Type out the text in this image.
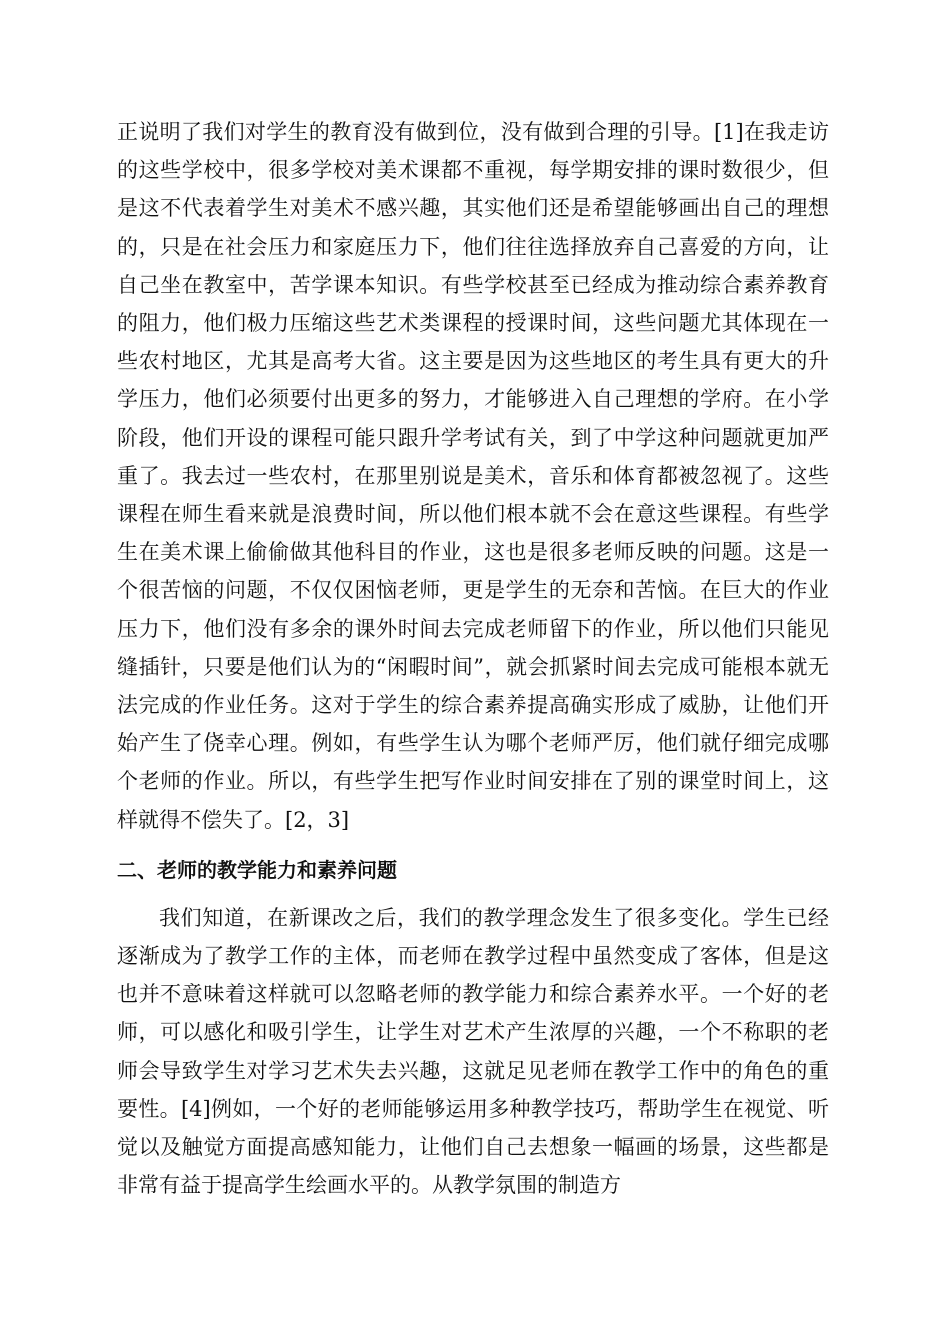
正说明了我们对学生的教育没有做到位，没有做到合理的引导。[1]在我走访的这些学校中，很多学校对美术课都不重视，每学期安排的课时数很少，但是这不代表着学生对美术不感兴趣，其实他们还是希望能够画出自己的理想的，只是在社会压力和家庭压力下，他们往往选择放弃自己喜爱的方向，让自己坐在教室中，苦学课本知识。有些学校甚至已经成为推动综合素养教育的阻力，他们极力压缩这些艺术类课程的授课时间，这些问题尤其体现在一些农村地区，尤其是高考大省。这主要是因为这些地区的考生具有更大的升学压力，他们必须要付出更多的努力，才能够进入自己理想的学府。在小学阶段，他们开设的课程可能只跟升学考试有关，到了中学这种问题就更加严重了。我去过一些农村，在那里别说是美术，音乐和体育都被忽视了。这些课程在师生看来就是浪费时间，所以他们根本就不会在意这些课程。有些学生在美术课上偷偷做其他科目的作业，这也是很多老师反映的问题。这是一个很苦恼的问题，不仅仅困恼老师，更是学生的无奈和苦恼。在巨大的作业压力下，他们没有多余的课外时间去完成老师留下的作业，所以他们只能见缝插针，只要是他们认为的“闲暇时间”，就会抓紧时间去完成可能根本就无法完成的作业任务。这对于学生的综合素养提高确实形成了威胁，让他们开始产生了侥幸心理。例如，有些学生认为哪个老师严厉，他们就仔细完成哪个老师的作业。所以，有些学生把写作业时间安排在了别的课堂时间上，这样就得不偿失了。[2，3]

二、老师的教学能力和素养问题

我们知道，在新课改之后，我们的教学理念发生了很多变化。学生已经逐渐成为了教学工作的主体，而老师在教学过程中虽然变成了客体，但是这也并不意味着这样就可以忽略老师的教学能力和综合素养水平。一个好的老师，可以感化和吸引学生，让学生对艺术产生浓厚的兴趣，一个不称职的老师会导致学生对学习艺术失去兴趣，这就足见老师在教学工作中的角色的重要性。[4]例如，一个好的老师能够运用多种教学技巧，帮助学生在视觉、听觉以及触觉方面提高感知能力，让他们自己去想象一幅画的场景，这些都是非常有益于提高学生绘画水平的。从教学氛围的制造方
